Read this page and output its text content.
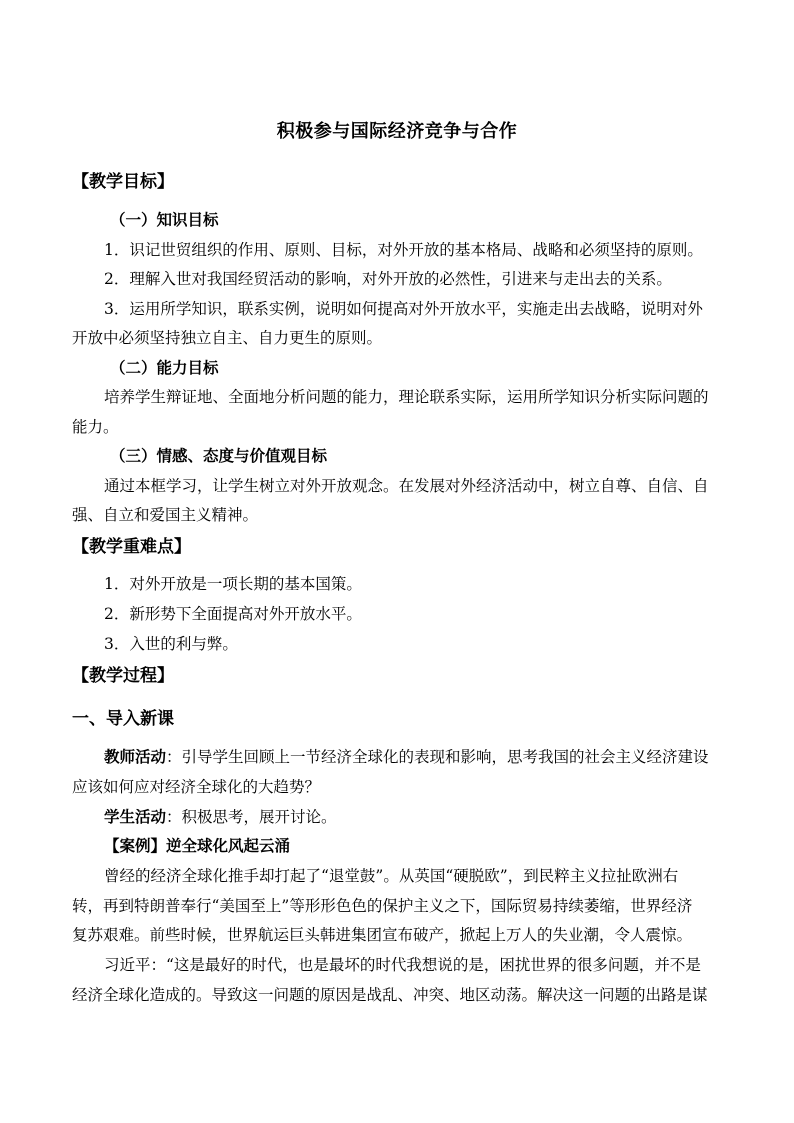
积极参与国际经济竞争与合作
【教学目标】
（一）知识目标
1．识记世贸组织的作用、原则、目标，对外开放的基本格局、战略和必须坚持的原则。
2．理解入世对我国经贸活动的影响，对外开放的必然性，引进来与走出去的关系。
3．运用所学知识，联系实例，说明如何提高对外开放水平，实施走出去战略，说明对外
开放中必须坚持独立自主、自力更生的原则。
（二）能力目标
培养学生辩证地、全面地分析问题的能力，理论联系实际，运用所学知识分析实际问题的
能力。
（三）情感、态度与价值观目标
通过本框学习，让学生树立对外开放观念。在发展对外经济活动中，树立自尊、自信、自
强、自立和爱国主义精神。
【教学重难点】
1．对外开放是一项长期的基本国策。
2．新形势下全面提高对外开放水平。
3．入世的利与弊。
【教学过程】
一、导入新课
教师活动：引导学生回顾上一节经济全球化的表现和影响，思考我国的社会主义经济建设
应该如何应对经济全球化的大趋势？
学生活动：积极思考，展开讨论。
【案例】逆全球化风起云涌
曾经的经济全球化推手却打起了“退堂鼓”。从英国“硬脱欧”，到民粹主义拉扯欧洲右
转，再到特朗普奉行“美国至上”等形形色色的保护主义之下，国际贸易持续萎缩，世界经济
复苏艰难。前些时候，世界航运巨头韩进集团宣布破产，掀起上万人的失业潮，令人震惊。
习近平：“这是最好的时代，也是最坏的时代我想说的是，困扰世界的很多问题，并不是
经济全球化造成的。导致这一问题的原因是战乱、冲突、地区动荡。解决这一问题的出路是谋
